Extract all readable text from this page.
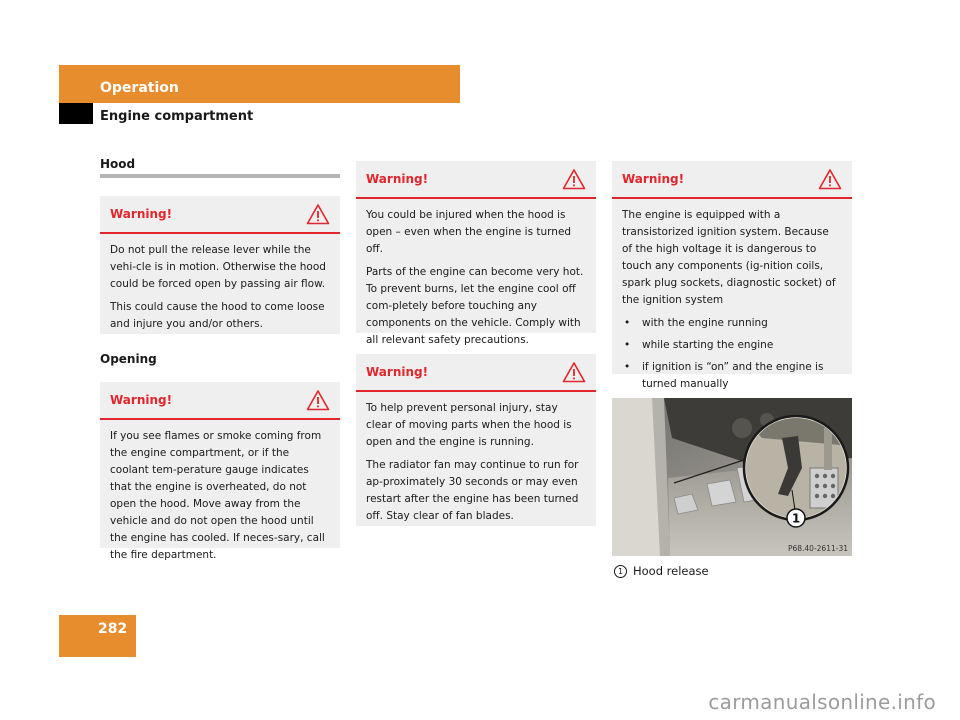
Operation
Engine compartment
Hood
Warning!

Do not pull the release lever while the vehi-cle is in motion. Otherwise the hood could be forced open by passing air flow.

This could cause the hood to come loose and injure you and/or others.

Opening
Warning!

If you see flames or smoke coming from the engine compartment, or if the coolant tem-perature gauge indicates that the engine is overheated, do not open the hood. Move away from the vehicle and do not open the hood until the engine has cooled. If neces-sary, call the fire department.

Warning!

You could be injured when the hood is open – even when the engine is turned off.

Parts of the engine can become very hot. To prevent burns, let the engine cool off com-pletely before touching any components on the vehicle. Comply with all relevant safety precautions.

Warning!

To help prevent personal injury, stay clear of moving parts when the hood is open and the engine is running.

The radiator fan may continue to run for ap-proximately 30 seconds or may even restart after the engine has been turned off. Stay clear of fan blades.

Warning!

The engine is equipped with a transistorized ignition system. Because of the high voltage it is dangerous to touch any components (ig-nition coils, spark plug sockets, diagnostic socket) of the ignition system

• with the engine running
• while starting the engine
• if ignition is “on” and the engine is turned manually
1
P68.40-2611-31
1 Hood release
282
carmanualsonline.info
